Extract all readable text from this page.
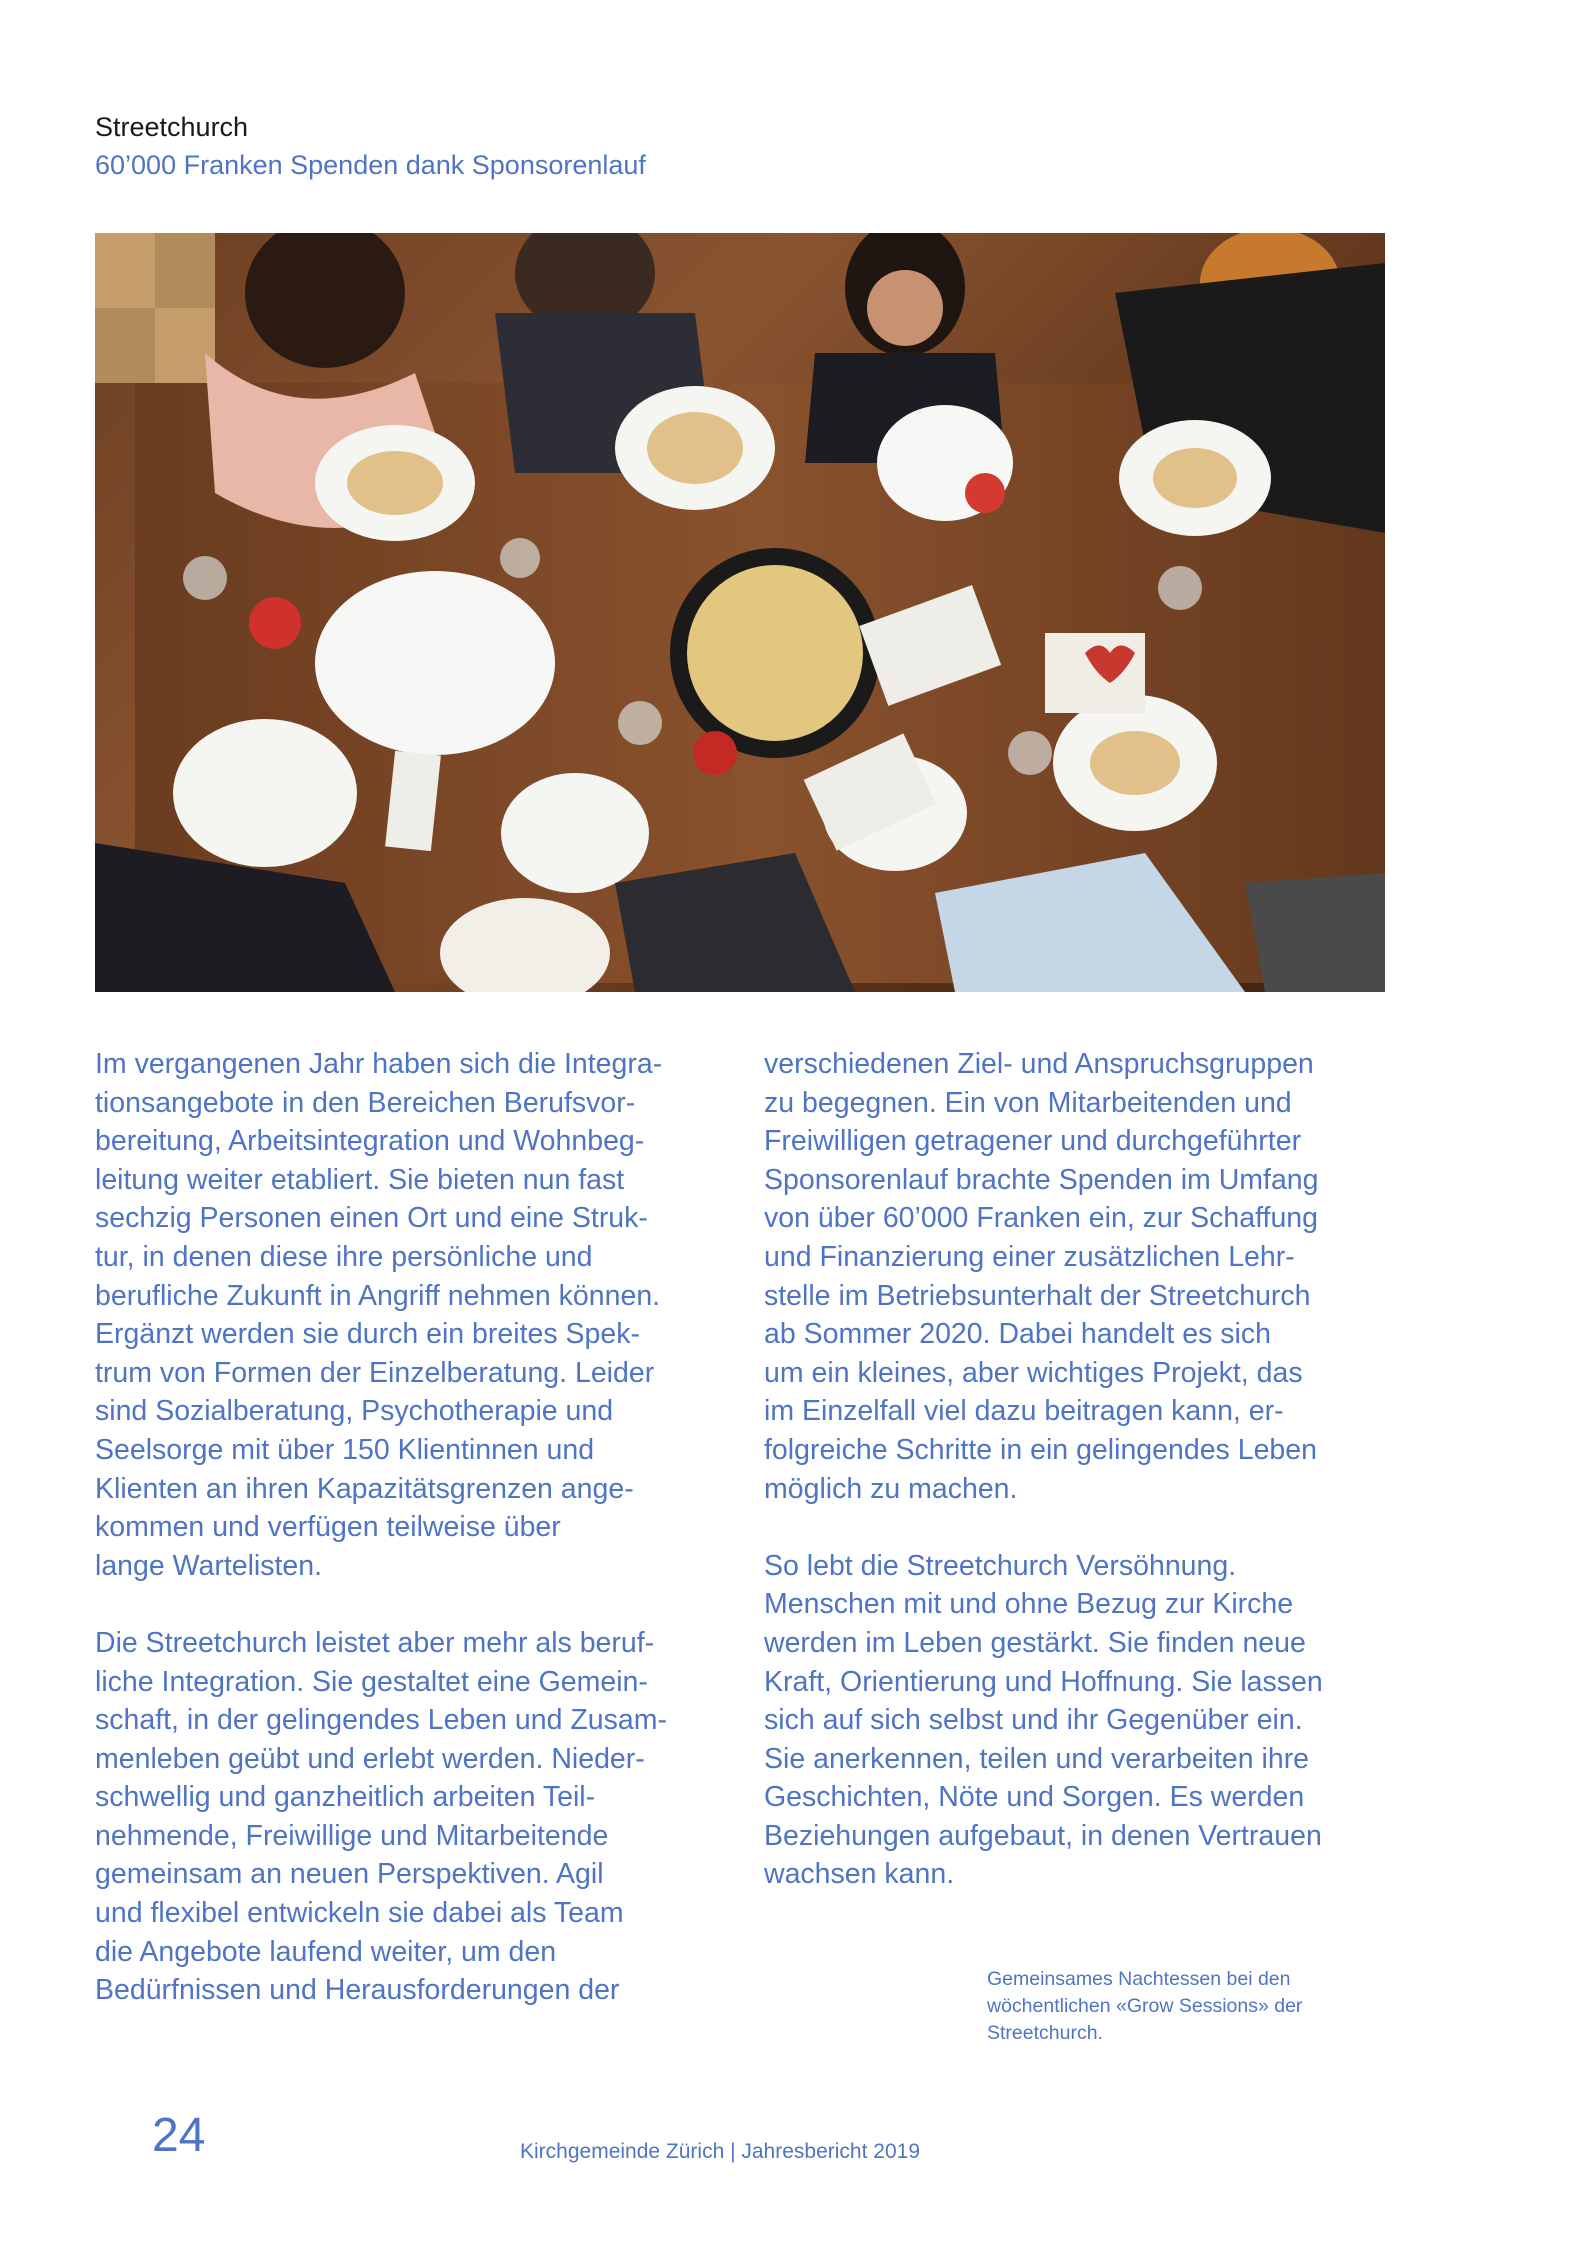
Streetchurch
60’000 Franken Spenden dank Sponsorenlauf

Im vergangenen Jahr haben sich die Integra-
tionsangebote in den Bereichen Berufsvor-
bereitung, Arbeitsintegration und Wohnbeg-
leitung weiter etabliert. Sie bieten nun fast
sechzig Personen einen Ort und eine Struk-
tur, in denen diese ihre persönliche und
berufliche Zukunft in Angriff nehmen können.
Ergänzt werden sie durch ein breites Spek-
trum von Formen der Einzelberatung. Leider
sind Sozialberatung, Psychotherapie und
Seelsorge mit über 150 Klientinnen und
Klienten an ihren Kapazitätsgrenzen ange-
kommen und verfügen teilweise über
lange Wartelisten.

Die Streetchurch leistet aber mehr als beruf-
liche Integration. Sie gestaltet eine Gemein-
schaft, in der gelingendes Leben und Zusam-
menleben geübt und erlebt werden. Nieder-
schwellig und ganzheitlich arbeiten Teil-
nehmende, Freiwillige und Mitarbeitende
gemeinsam an neuen Perspektiven. Agil
und flexibel entwickeln sie dabei als Team
die Angebote laufend weiter, um den
Bedürfnissen und Herausforderungen der

verschiedenen Ziel- und Anspruchsgruppen
zu begegnen. Ein von Mitarbeitenden und
Freiwilligen getragener und durchgeführter
Sponsorenlauf brachte Spenden im Umfang
von über 60’000 Franken ein, zur Schaffung
und Finanzierung einer zusätzlichen Lehr-
stelle im Betriebsunterhalt der Streetchurch
ab Sommer 2020. Dabei handelt es sich
um ein kleines, aber wichtiges Projekt, das
im Einzelfall viel dazu beitragen kann, er-
folgreiche Schritte in ein gelingendes Leben
möglich zu machen.

So lebt die Streetchurch Versöhnung.
Menschen mit und ohne Bezug zur Kirche
werden im Leben gestärkt. Sie finden neue
Kraft, Orientierung und Hoffnung. Sie lassen
sich auf sich selbst und ihr Gegenüber ein.
Sie anerkennen, teilen und verarbeiten ihre
Geschichten, Nöte und Sorgen. Es werden
Beziehungen aufgebaut, in denen Vertrauen
wachsen kann.

Gemeinsames Nachtessen bei den
wöchentlichen «Grow Sessions» der
Streetchurch.
24	Kirchgemeinde Zürich | Jahresbericht 2019
